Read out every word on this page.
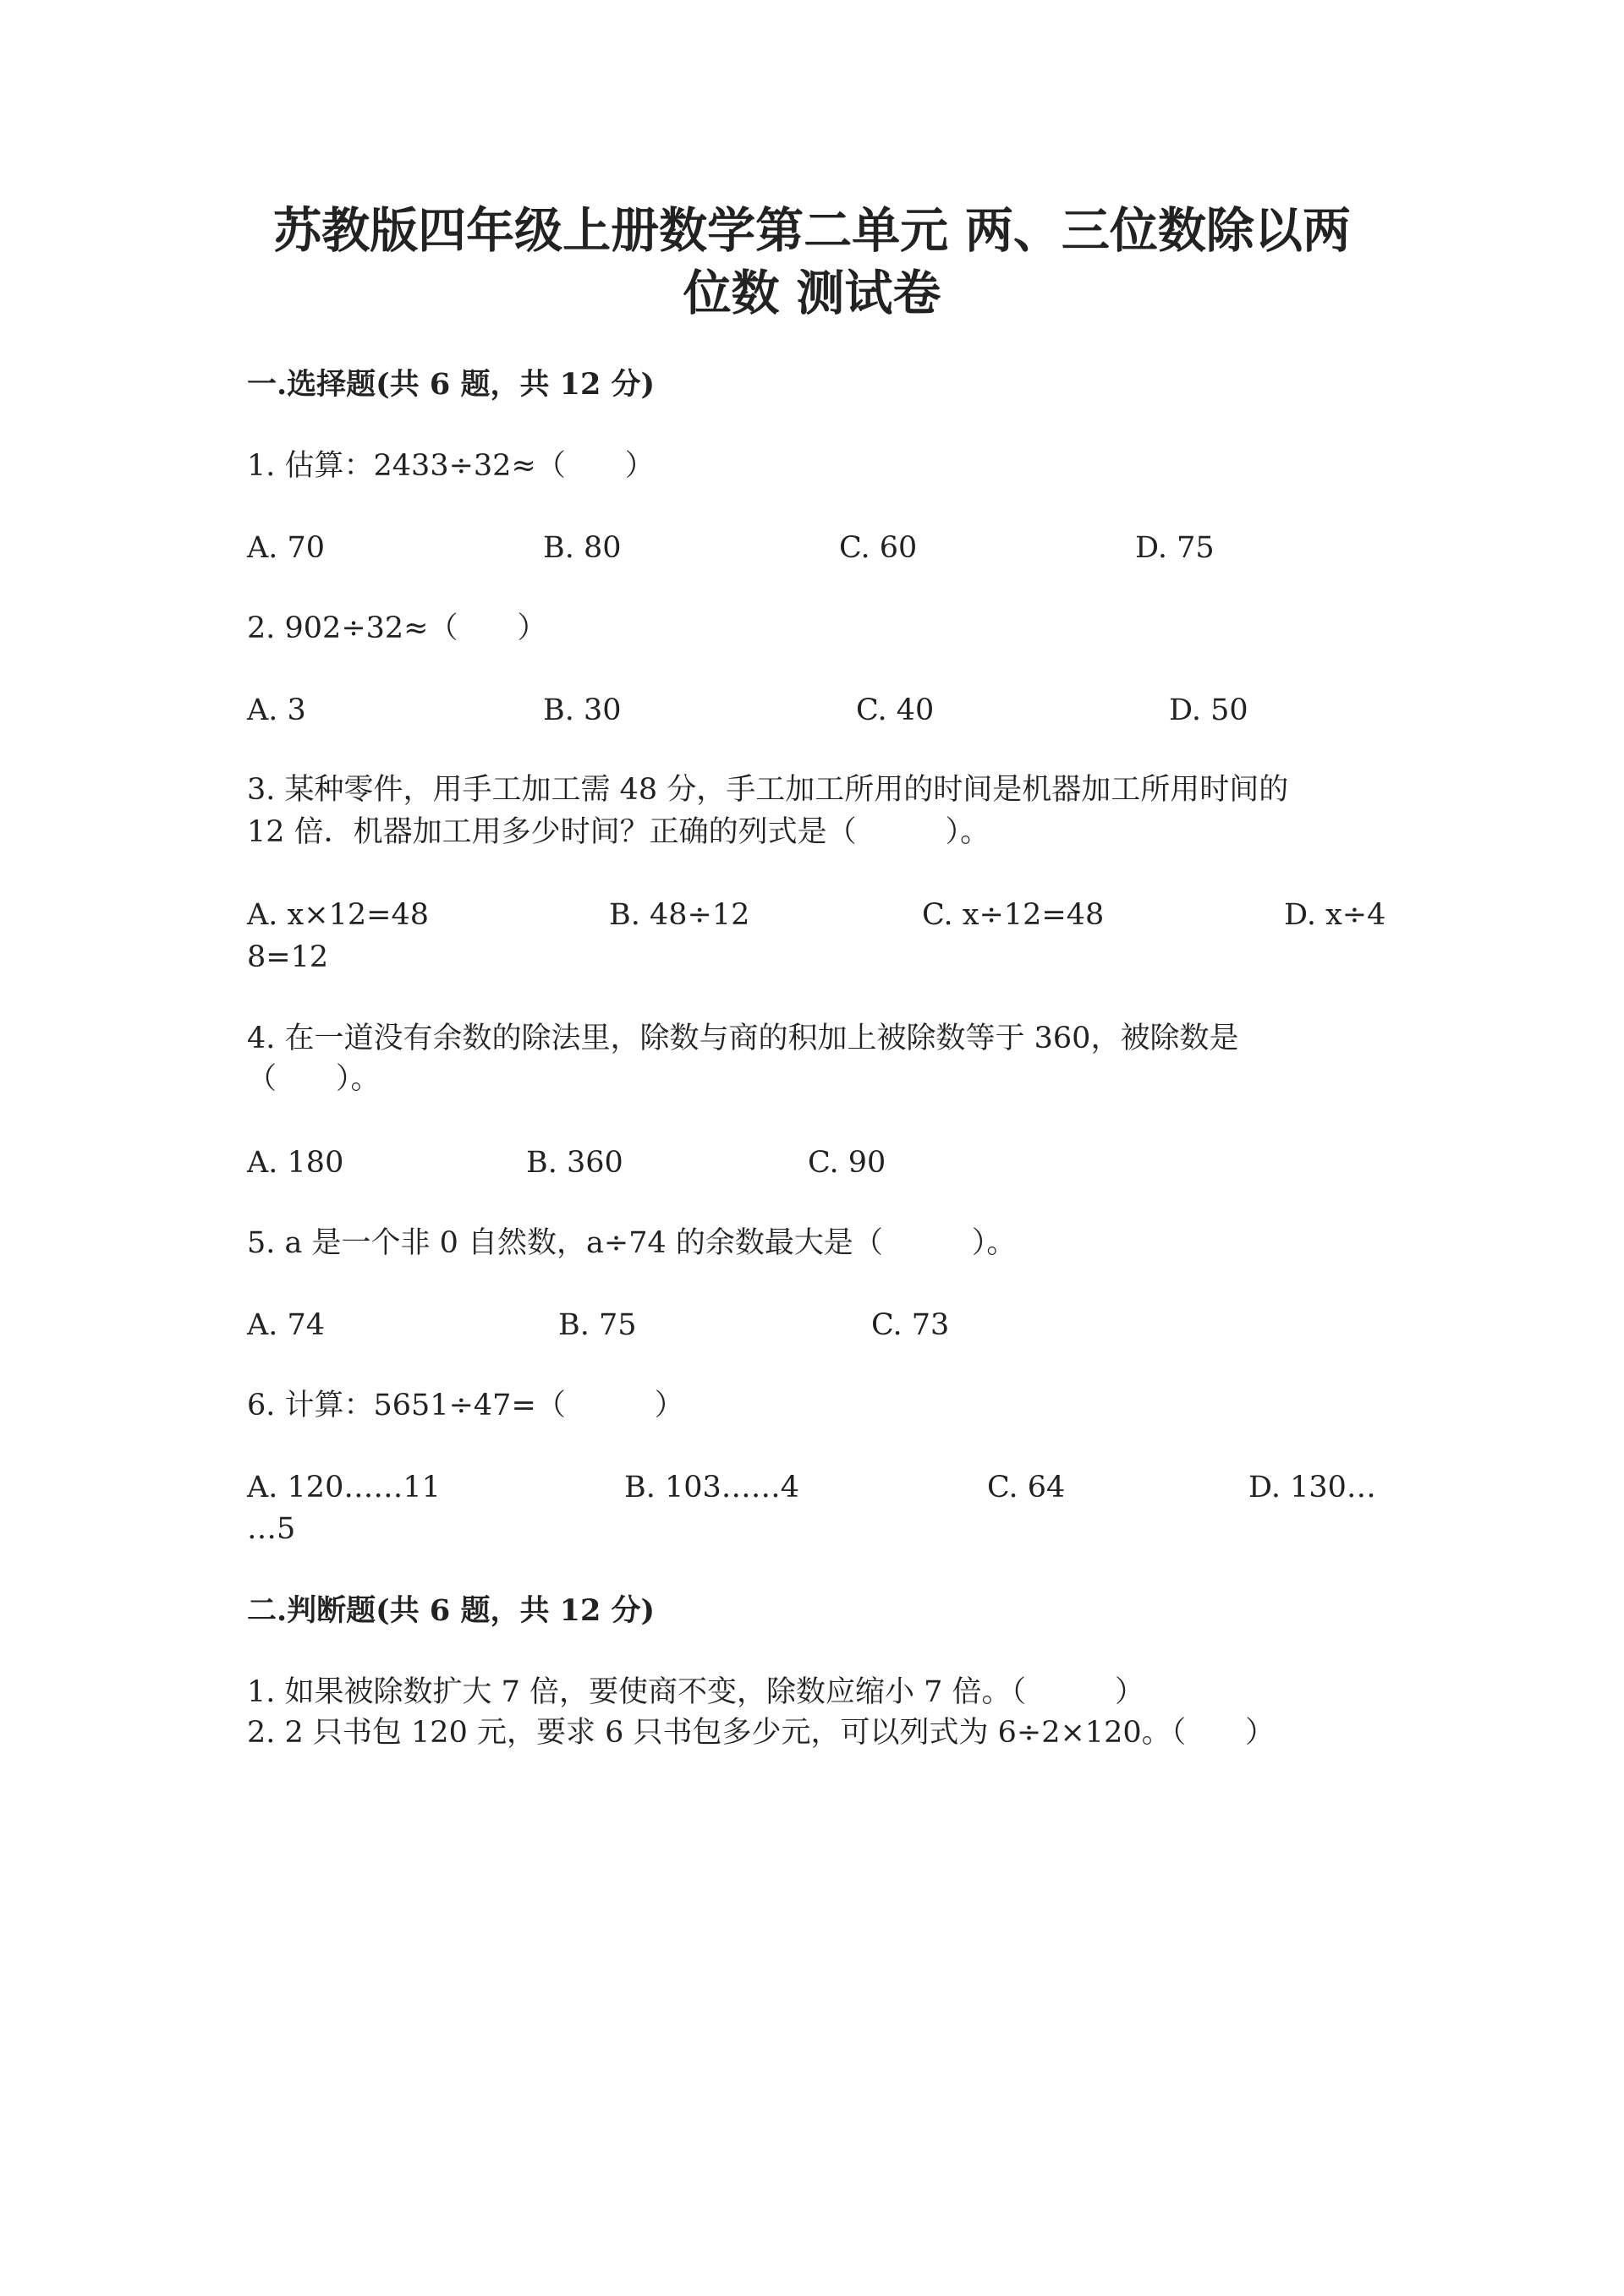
苏教版四年级上册数学第二单元 两、三位数除以两
位数 测试卷
一.选择题(共 6 题，共 12 分)
1. 估算：2433÷32≈（　　）
A. 70	B. 80	C. 60	D. 75
2. 902÷32≈（　　）
A. 3	B. 30	C. 40	D. 50
3. 某种零件，用手工加工需 48 分，手工加工所用的时间是机器加工所用时间的
12 倍．机器加工用多少时间？正确的列式是（　　　）。
A. x×12=48	B. 48÷12	C. x÷12=48	D. x÷4
8=12
4. 在一道没有余数的除法里，除数与商的积加上被除数等于 360，被除数是
（　　）。
A. 180	B. 360	C. 90
5. a 是一个非 0 自然数，a÷74 的余数最大是（　　　）。
A. 74	B. 75	C. 73
6. 计算：5651÷47=（　　　）
A. 120……11	B. 103……4	C. 64	D. 130…
…5
二.判断题(共 6 题，共 12 分)
1. 如果被除数扩大 7 倍，要使商不变，除数应缩小 7 倍。（　　　）
2. 2 只书包 120 元，要求 6 只书包多少元，可以列式为 6÷2×120。（　　）
